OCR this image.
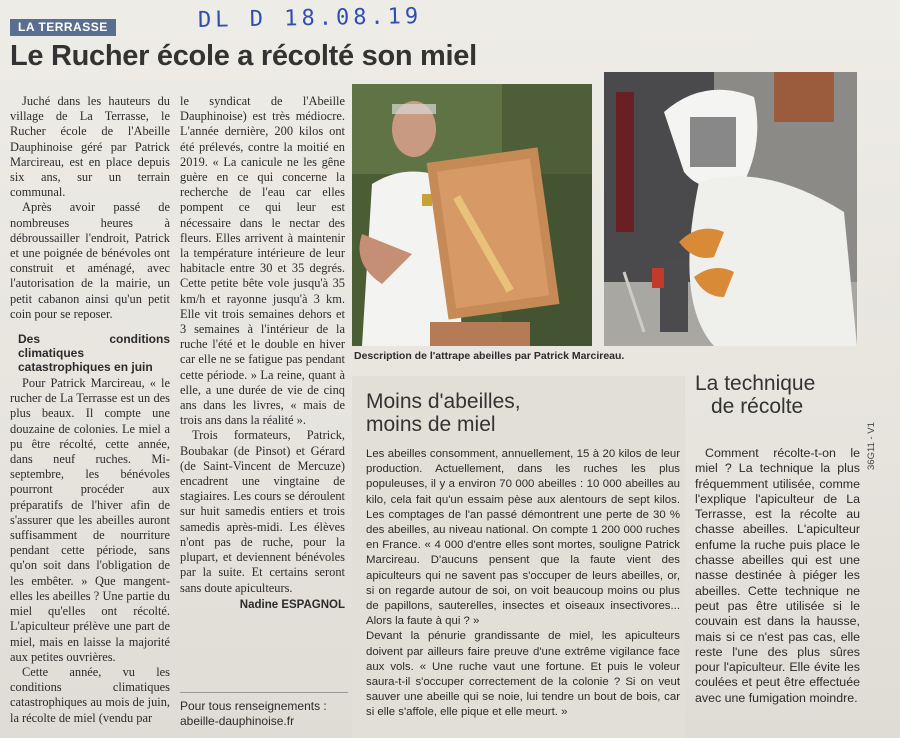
LA TERRASSE	DL D 18.08.19
Le Rucher école a récolté son miel

Juché dans les hauteurs du village de La Terrasse, le Rucher école de l'Abeille Dauphinoise géré par Patrick Marcireau, est en place depuis six ans, sur un terrain communal.

Après avoir passé de nombreuses heures à débroussailler l'endroit, Patrick et une poignée de bénévoles ont construit et aménagé, avec l'autorisation de la mairie, un petit cabanon ainsi qu'un petit coin pour se reposer.

Des conditions climatiques catastrophiques en juin

Pour Patrick Marcireau, « le rucher de La Terrasse est un des plus beaux. Il compte une douzaine de colonies. Le miel a pu être récolté, cette année, dans neuf ruches. Mi-septembre, les bénévoles pourront procéder aux préparatifs de l'hiver afin de s'assurer que les abeilles auront suffisamment de nourriture pendant cette période, sans qu'on soit dans l'obligation de les embêter. » Que mangent-elles les abeilles ? Une partie du miel qu'elles ont récolté. L'apiculteur prélève une part de miel, mais en laisse la majorité aux petites ouvrières.

Cette année, vu les conditions climatiques catastrophiques au mois de juin, la récolte de miel (vendu par

le syndicat de l'Abeille Dauphinoise) est très médiocre. L'année dernière, 200 kilos ont été prélevés, contre la moitié en 2019. « La canicule ne les gêne guère en ce qui concerne la recherche de l'eau car elles pompent ce qui leur est nécessaire dans le nectar des fleurs. Elles arrivent à maintenir la température intérieure de leur habitacle entre 30 et 35 degrés. Cette petite bête vole jusqu'à 35 km/h et rayonne jusqu'à 3 km. Elle vit trois semaines dehors et 3 semaines à l'intérieur de la ruche l'été et le double en hiver car elle ne se fatigue pas pendant cette période. » La reine, quant à elle, a une durée de vie de cinq ans dans les livres, « mais de trois ans dans la réalité ».

Trois formateurs, Patrick, Boubakar (de Pinsot) et Gérard (de Saint-Vincent de Mercuze) encadrent une vingtaine de stagiaires. Les cours se déroulent sur huit samedis entiers et trois samedis après-midi. Les élèves n'ont pas de ruche, pour la plupart, et deviennent bénévoles par la suite. Et certains seront sans doute apiculteurs.

Nadine ESPAGNOL
Pour tous renseignements : abeille-dauphinoise.fr
Description de l'attrape abeilles par Patrick Marcireau.
Moins d'abeilles,
moins de miel

Les abeilles consomment, annuellement, 15 à 20 kilos de leur production. Actuellement, dans les ruches les plus populeuses, il y a environ 70 000 abeilles : 10 000 abeilles au kilo, cela fait qu'un essaim pèse aux alentours de sept kilos. Les comptages de l'an passé démontrent une perte de 30 % des abeilles, au niveau national. On compte 1 200 000 ruches en France. « 4 000 d'entre elles sont mortes, souligne Patrick Marcireau. D'aucuns pensent que la faute vient des apiculteurs qui ne savent pas s'occuper de leurs abeilles, or, si on regarde autour de soi, on voit beaucoup moins ou plus de papillons, sauterelles, insectes et oiseaux insectivores... Alors la faute à qui ? »

Devant la pénurie grandissante de miel, les apiculteurs doivent par ailleurs faire preuve d'une extrême vigilance face aux vols. « Une ruche vaut une fortune. Et puis le voleur saura-t-il s'occuper correctement de la colonie ? Si on veut sauver une abeille qui se noie, lui tendre un bout de bois, car si elle s'affole, elle pique et elle meurt. »

La technique
de récolte

Comment récolte-t-on le miel ? La technique la plus fréquemment utilisée, comme l'explique l'apiculteur de La Terrasse, est la récolte au chasse abeilles. L'apiculteur enfume la ruche puis place le chasse abeilles qui est une nasse destinée à piéger les abeilles. Cette technique ne peut pas être utilisée si le couvain est dans la hausse, mais si ce n'est pas cas, elle reste l'une des plus sûres pour l'apiculteur. Elle évite les coulées et peut être effectuée avec une fumigation moindre.

36G11 - V1
